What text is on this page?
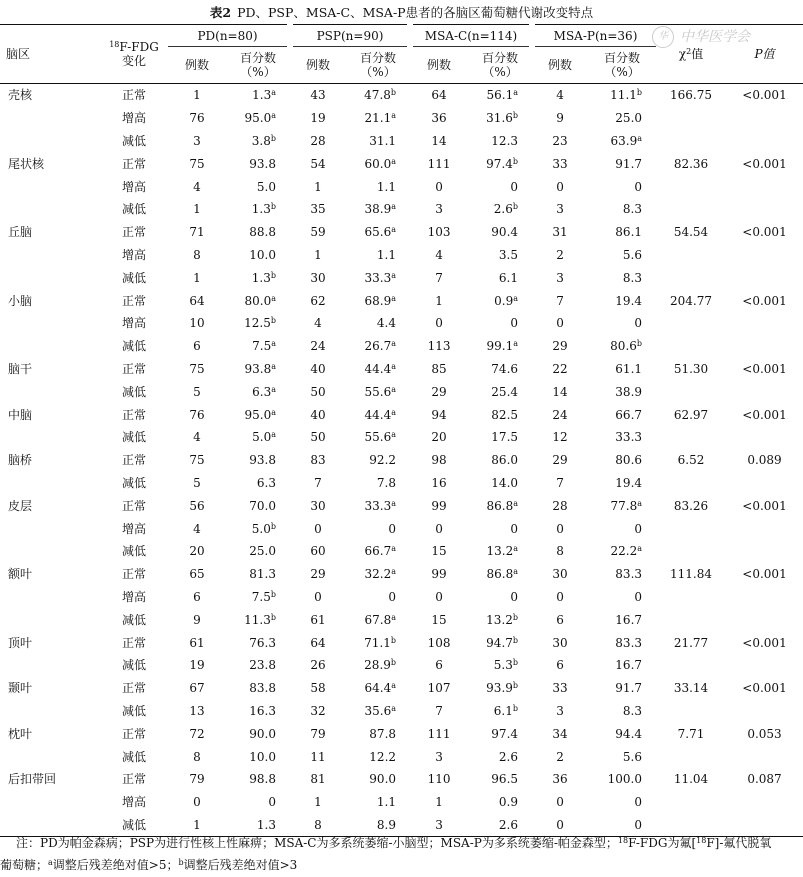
表2 PD、PSP、MSA-C、MSA-P患者的各脑区葡萄糖代谢改变特点
华 中华医学会
脑区	$^{18}$F-FDG
变化	PD(n=80)		PSP(n=90)		MSA-C(n=114)		MSA-P(n=36)		$\chi^2$值	P值
		例数	百分数
（%）	例数	百分数
（%）	例数	百分数
（%）	例数	百分数
（%）		

壳核	正常	1	1.3$^a$	43	47.8$^b$	64	56.1$^a$	4	11.1$^b$	166.75	<0.001
	增高	76	95.0$^a$	19	21.1$^a$	36	31.6$^b$	9	25.0		
	减低	3	3.8$^b$	28	31.1	14	12.3	23	63.9$^a$		
尾状核	正常	75	93.8	54	60.0$^a$	111	97.4$^b$	33	91.7	82.36	<0.001
	增高	4	5.0	1	1.1	0	0	0	0		
	减低	1	1.3$^b$	35	38.9$^a$	3	2.6$^b$	3	8.3		
丘脑	正常	71	88.8	59	65.6$^a$	103	90.4	31	86.1	54.54	<0.001
	增高	8	10.0	1	1.1	4	3.5	2	5.6		
	减低	1	1.3$^b$	30	33.3$^a$	7	6.1	3	8.3		
小脑	正常	64	80.0$^a$	62	68.9$^a$	1	0.9$^a$	7	19.4	204.77	<0.001
	增高	10	12.5$^b$	4	4.4	0	0	0	0		
	减低	6	7.5$^a$	24	26.7$^a$	113	99.1$^a$	29	80.6$^b$		
脑干	正常	75	93.8$^a$	40	44.4$^a$	85	74.6	22	61.1	51.30	<0.001
	减低	5	6.3$^a$	50	55.6$^a$	29	25.4	14	38.9		
中脑	正常	76	95.0$^a$	40	44.4$^a$	94	82.5	24	66.7	62.97	<0.001
	减低	4	5.0$^a$	50	55.6$^a$	20	17.5	12	33.3		
脑桥	正常	75	93.8	83	92.2	98	86.0	29	80.6	6.52	0.089
	减低	5	6.3	7	7.8	16	14.0	7	19.4		
皮层	正常	56	70.0	30	33.3$^a$	99	86.8$^a$	28	77.8$^a$	83.26	<0.001
	增高	4	5.0$^b$	0	0	0	0	0	0		
	减低	20	25.0	60	66.7$^a$	15	13.2$^a$	8	22.2$^a$		
额叶	正常	65	81.3	29	32.2$^a$	99	86.8$^a$	30	83.3	111.84	<0.001
	增高	6	7.5$^b$	0	0	0	0	0	0		
	减低	9	11.3$^b$	61	67.8$^a$	15	13.2$^b$	6	16.7		
顶叶	正常	61	76.3	64	71.1$^b$	108	94.7$^b$	30	83.3	21.77	<0.001
	减低	19	23.8	26	28.9$^b$	6	5.3$^b$	6	16.7		
颞叶	正常	67	83.8	58	64.4$^a$	107	93.9$^b$	33	91.7	33.14	<0.001
	减低	13	16.3	32	35.6$^a$	7	6.1$^b$	3	8.3		
枕叶	正常	72	90.0	79	87.8	111	97.4	34	94.4	7.71	0.053
	减低	8	10.0	11	12.2	3	2.6	2	5.6		
后扣带回	正常	79	98.8	81	90.0	110	96.5	36	100.0	11.04	0.087
	增高	0	0	1	1.1	1	0.9	0	0		
	减低	1	1.3	8	8.9	3	2.6	0	0		
注：PD为帕金森病；PSP为进行性核上性麻痹；MSA-C为多系统萎缩-小脑型；MSA-P为多系统萎缩-帕金森型；$^{18}$F-FDG为氟[$^{18}$F]-氟代脱氧
葡萄糖；$^a$调整后残差绝对值>5；$^b$调整后残差绝对值>3
